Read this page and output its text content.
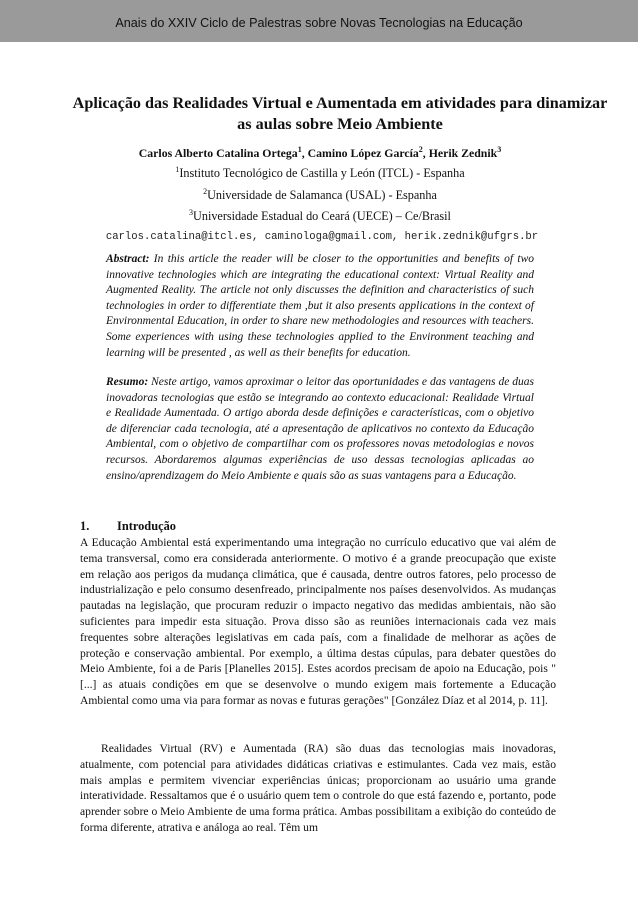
Anais do XXIV Ciclo de Palestras sobre Novas Tecnologias na Educação
Aplicação das Realidades Virtual e Aumentada em atividades para dinamizar as aulas sobre Meio Ambiente

Carlos Alberto Catalina Ortega$^1$, Camino López García$^2$, Herik Zednik$^3$

$^1$Instituto Tecnológico de Castilla y León (ITCL) - Espanha

$^2$Universidade de Salamanca (USAL) - Espanha

$^3$Universidade Estadual do Ceará (UECE) – Ce/Brasil

carlos.catalina@itcl.es, caminologa@gmail.com, herik.zednik@ufgrs.br

Abstract: In this article the reader will be closer to the opportunities and benefits of two innovative technologies which are integrating the educational context: Virtual Reality and Augmented Reality. The article not only discusses the definition and characteristics of such technologies in order to differentiate them ,but it also presents applications in the context of Environmental Education, in order to share new methodologies and resources with teachers. Some experiences with using these technologies applied to the Environment teaching and learning will be presented , as well as their benefits for education.

Resumo: Neste artigo, vamos aproximar o leitor das oportunidades e das vantagens de duas inovadoras tecnologias que estão se integrando ao contexto educacional: Realidade Virtual e Realidade Aumentada. O artigo aborda desde definições e características, com o objetivo de diferenciar cada tecnologia, até a apresentação de aplicativos no contexto da Educação Ambiental, com o objetivo de compartilhar com os professores novas metodologias e novos recursos. Abordaremos algumas experiências de uso dessas tecnologias aplicadas ao ensino/aprendizagem do Meio Ambiente e quais são as suas vantagens para a Educação.

1. Introdução

A Educação Ambiental está experimentando uma integração no currículo educativo que vai além de tema transversal, como era considerada anteriormente. O motivo é a grande preocupação que existe em relação aos perigos da mudança climática, que é causada, dentre outros fatores, pelo processo de industrialização e pelo consumo desenfreado, principalmente nos países desenvolvidos. As mudanças pautadas na legislação, que procuram reduzir o impacto negativo das medidas ambientais, não são suficientes para impedir esta situação. Prova disso são as reuniões internacionais cada vez mais frequentes sobre alterações legislativas em cada país, com a finalidade de melhorar as ações de proteção e conservação ambiental. Por exemplo, a última destas cúpulas, para debater questões do Meio Ambiente, foi a de Paris [Planelles 2015]. Estes acordos precisam de apoio na Educação, pois "[...] as atuais condições em que se desenvolve o mundo exigem mais fortemente a Educação Ambiental como uma via para formar as novas e futuras gerações" [González Díaz et al 2014, p. 11].

Realidades Virtual (RV) e Aumentada (RA) são duas das tecnologias mais inovadoras, atualmente, com potencial para atividades didáticas criativas e estimulantes. Cada vez mais, estão mais amplas e permitem vivenciar experiências únicas; proporcionam ao usuário uma grande interatividade. Ressaltamos que é o usuário quem tem o controle do que está fazendo e, portanto, pode aprender sobre o Meio Ambiente de uma forma prática. Ambas possibilitam a exibição do conteúdo de forma diferente, atrativa e análoga ao real. Têm um
